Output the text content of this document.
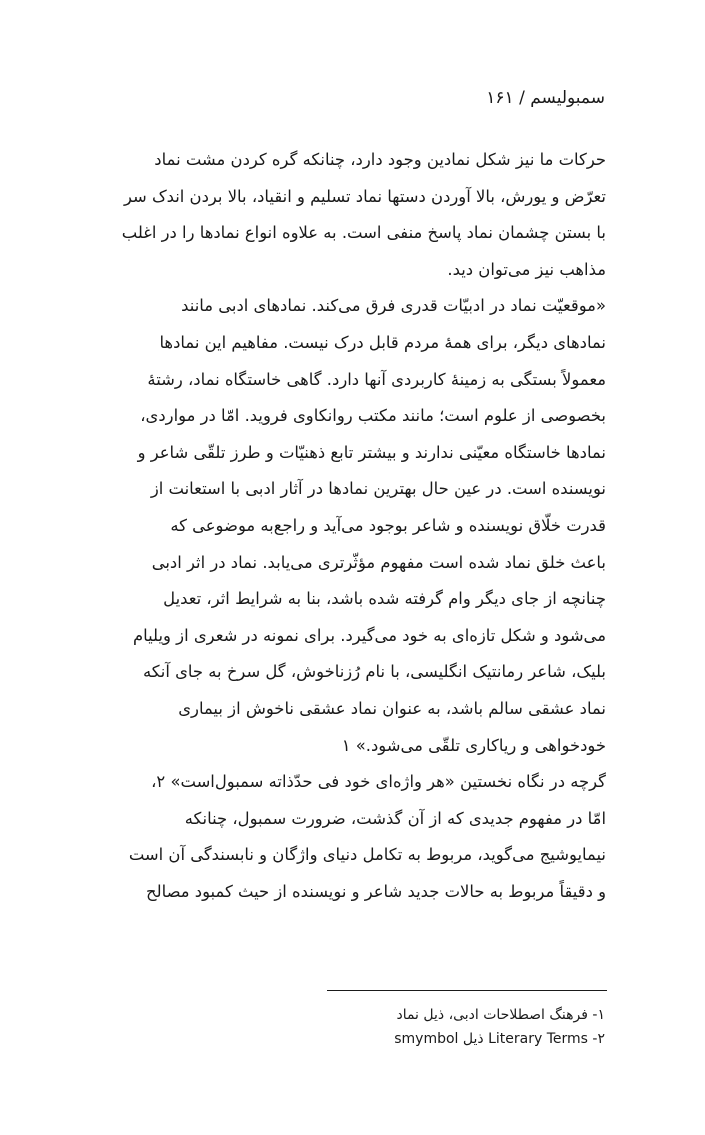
سمبولیسم / ۱۶۱
حرکات ما نیز شکل نمادین وجود دارد، چنانکه گره کردن مشت نماد
تعرّض و یورش، بالا آوردن دستها نماد تسلیم و انقیاد، بالا بردن اندک سر
با بستن چشمان نماد پاسخ منفی است. به علاوه انواع نمادها را در اغلب
مذاهب نیز می‌توان دید.
«موقعیّت نماد در ادبیّات قدری فرق می‌کند. نمادهای ادبی مانند
نمادهای دیگر، برای همهٔ مردم قابل درک نیست. مفاهیم این نمادها
معمولاً بستگی به زمینهٔ کاربردی آنها دارد. گاهی خاستگاه نماد، رشتهٔ
بخصوصی از علوم است؛ مانند مکتب روانکاوی فروید. امّا در مواردی،
نمادها خاستگاه معیّنی ندارند و بیشتر تابع ذهنیّات و طرز تلقّی شاعر و
نویسنده است. در عین حال بهترین نمادها در آثار ادبی با استعانت از
قدرت خلّاق نویسنده و شاعر بوجود می‌آید و راجع‌به موضوعی که
باعث خلق نماد شده است مفهوم مؤثّرتری می‌یابد. نماد در اثر ادبی
چنانچه از جای دیگر وام گرفته شده باشد، بنا به شرایط اثر، تعدیل
می‌شود و شکل تازه‌ای به خود می‌گیرد. برای نمونه در شعری از ویلیام
بلیک، شاعر رمانتیک انگلیسی، با نام رُزناخوش، گل سرخ به جای آنکه
نماد عشقی سالم باشد، به عنوان نماد عشقی ناخوش از بیماری
خودخواهی و ریاکاری تلقّی می‌شود.» ۱
گرچه در نگاه نخستین «هر واژه‌ای خود فی حدّذاته سمبول‌است» ۲،
امّا در مفهوم جدیدی که از آن گذشت، ضرورت سمبول، چنانکه
نیمایوشیج می‌گوید، مربوط به تکامل دنیای واژگان و نابسندگی آن است
و دقیقاً مربوط به حالات جدید شاعر و نویسنده از حیث کمبود مصالح
۱- فرهنگ اصطلاحات ادبی، ذیل نماد
۲- Literary Terms ذیل smymbol
